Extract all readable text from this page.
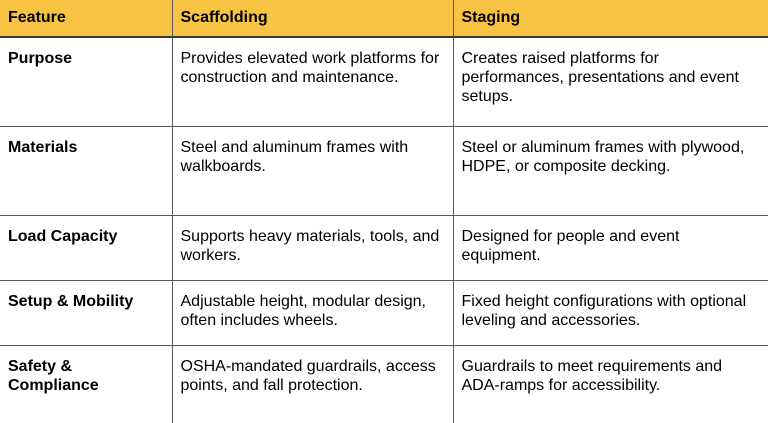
Feature	Scaffolding	Staging
Purpose	Provides elevated work platforms for construction and maintenance.	Creates raised platforms for performances, presentations and event setups.
Materials	Steel and aluminum frames with walkboards.	Steel or aluminum frames with plywood, HDPE, or composite decking.
Load Capacity	Supports heavy materials, tools, and workers.	Designed for people and event equipment.
Setup & Mobility	Adjustable height, modular design, often includes wheels.	Fixed height configurations with optional leveling and accessories.
Safety & Compliance	OSHA-mandated guardrails, access points, and fall protection.	Guardrails to meet requirements and ADA-ramps for accessibility.
